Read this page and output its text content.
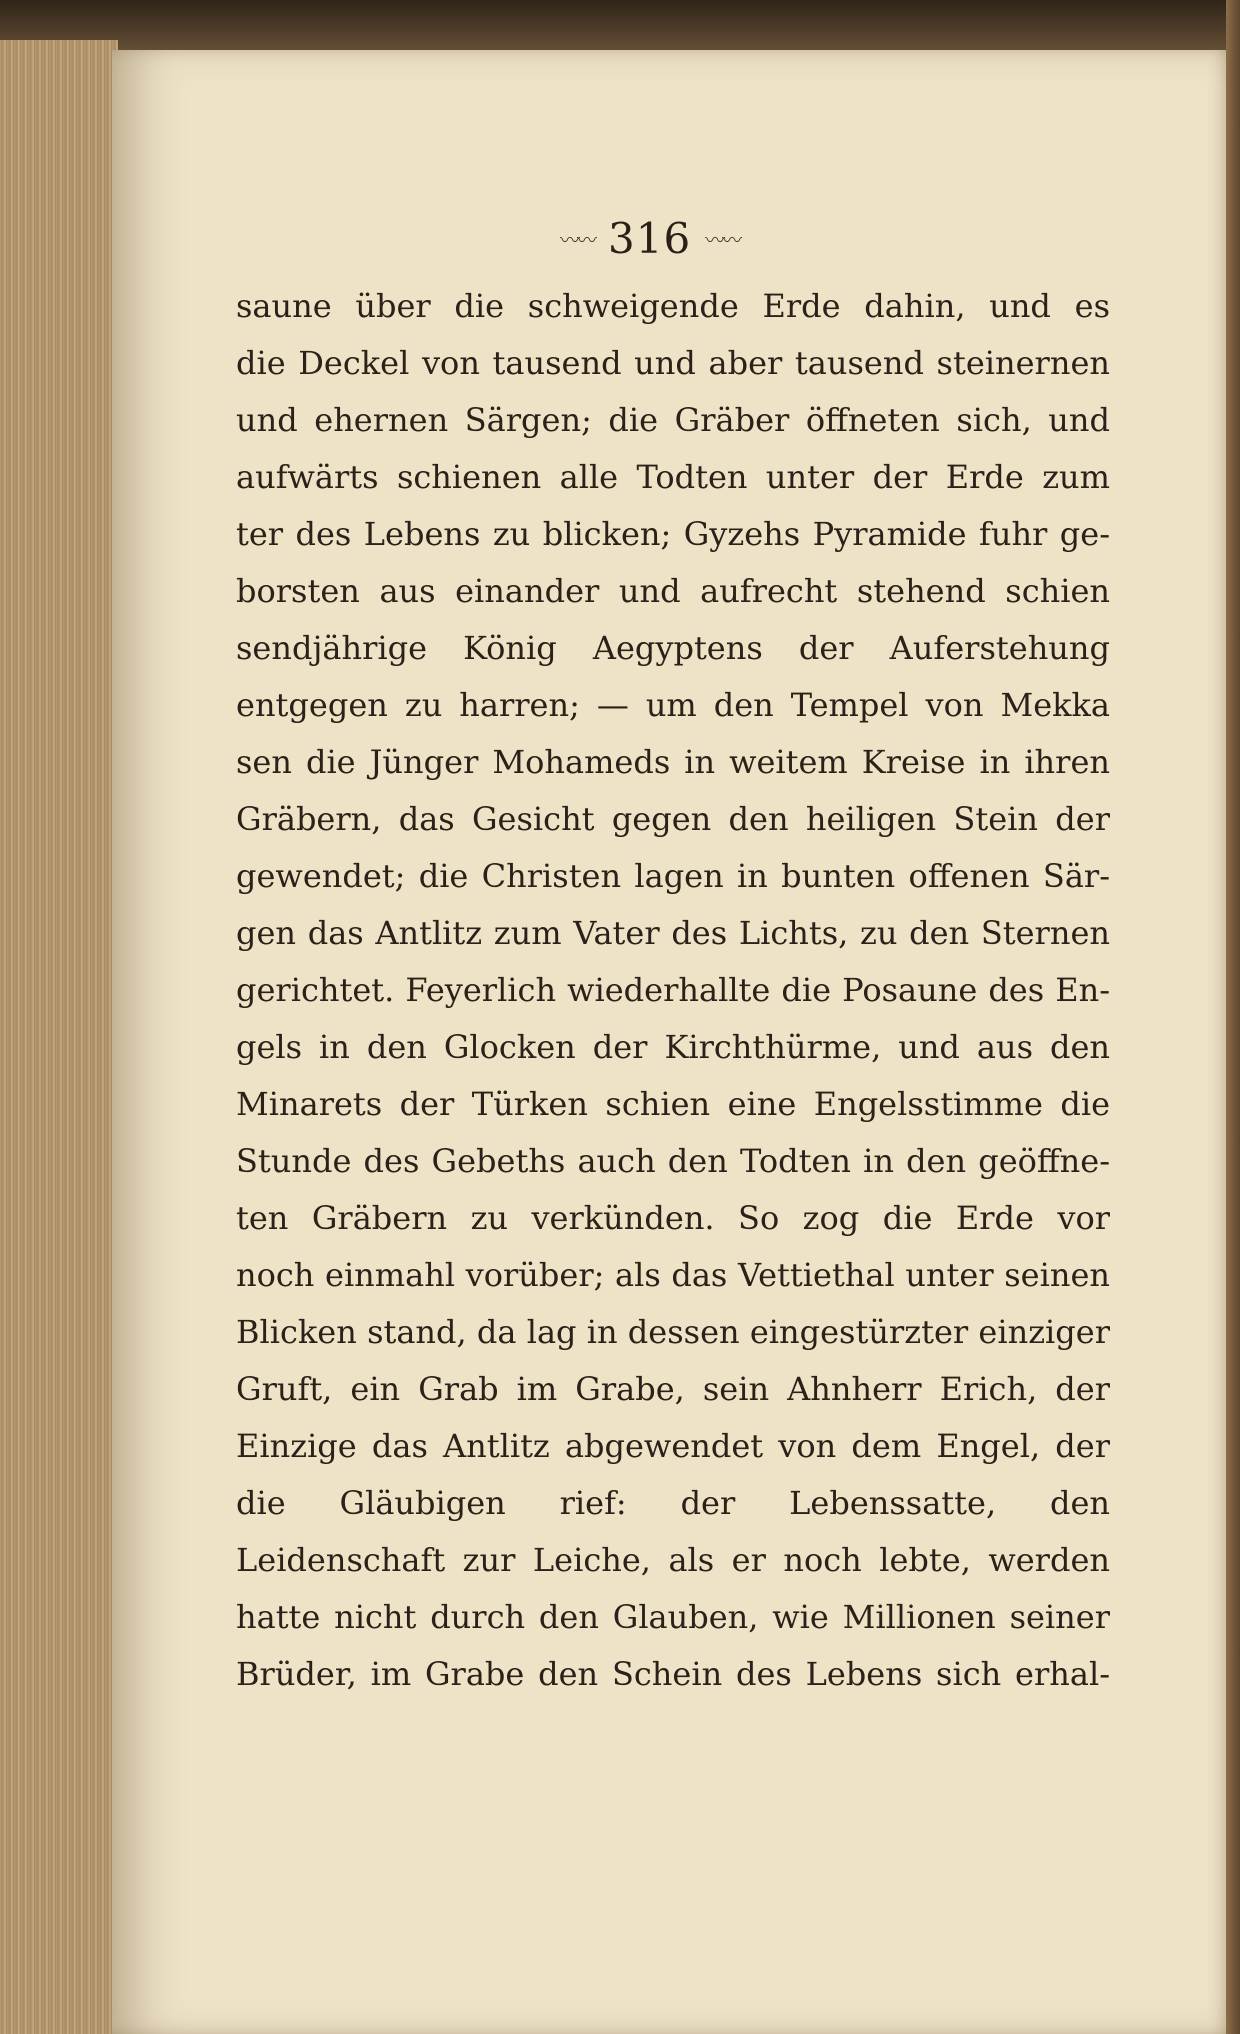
〰〰 316 〰〰
saune über die schweigende Erde dahin, und es
die Deckel von tausend und aber tausend steinernen
und ehernen Särgen; die Gräber öffneten sich, und
aufwärts schienen alle Todten unter der Erde zum
ter des Lebens zu blicken; Gyzehs Pyramide fuhr ge-
borsten aus einander und aufrecht stehend schien
sendjährige König Aegyptens der Auferstehung
entgegen zu harren; — um den Tempel von Mekka
sen die Jünger Mohameds in weitem Kreise in ihren
Gräbern, das Gesicht gegen den heiligen Stein der
gewendet; die Christen lagen in bunten offenen Sär-
gen das Antlitz zum Vater des Lichts, zu den Sternen
gerichtet. Feyerlich wiederhallte die Posaune des En-
gels in den Glocken der Kirchthürme, und aus den
Minarets der Türken schien eine Engelsstimme die
Stunde des Gebeths auch den Todten in den geöffne-
ten Gräbern zu verkünden. So zog die Erde vor
noch einmahl vorüber; als das Vettiethal unter seinen
Blicken stand, da lag in dessen eingestürzter einziger
Gruft, ein Grab im Grabe, sein Ahnherr Erich, der
Einzige das Antlitz abgewendet von dem Engel, der
die Gläubigen rief: der Lebenssatte, den
Leidenschaft zur Leiche, als er noch lebte, werden
hatte nicht durch den Glauben, wie Millionen seiner
Brüder, im Grabe den Schein des Lebens sich erhal-
